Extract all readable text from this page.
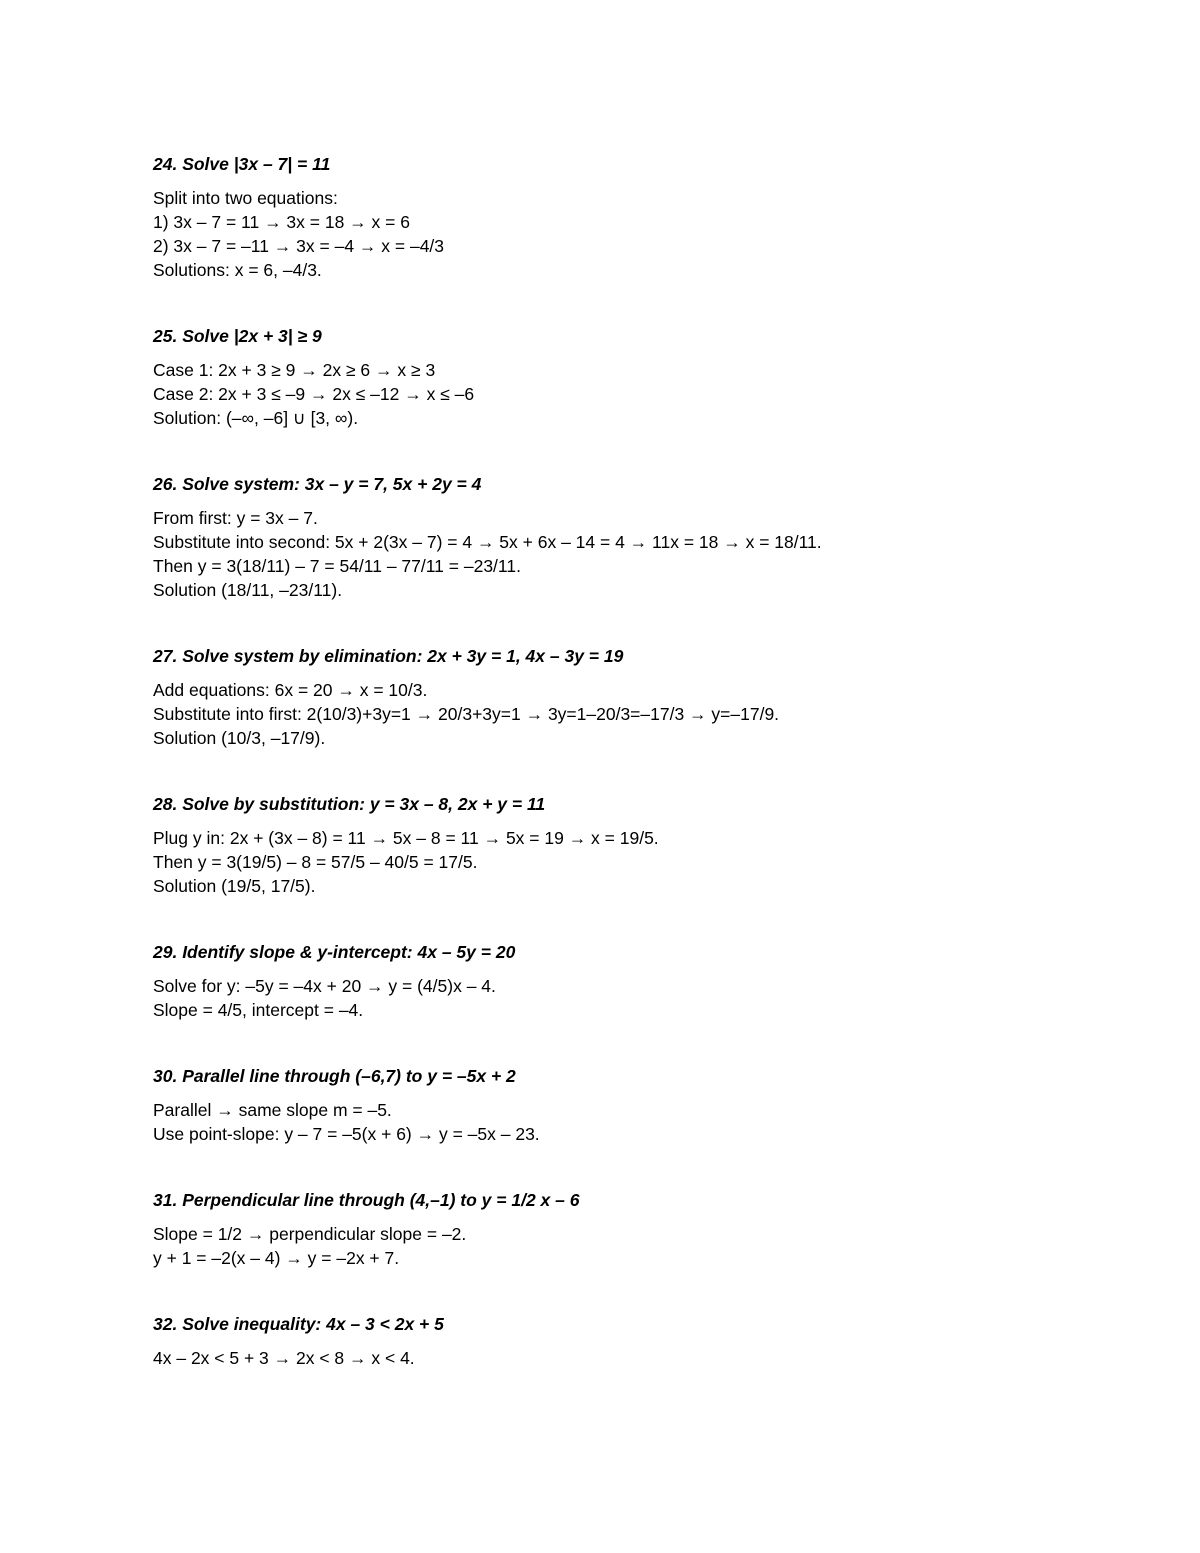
24. Solve |3x – 7| = 11

Split into two equations:

1) 3x – 7 = 11 → 3x = 18 → x = 6

2) 3x – 7 = –11 → 3x = –4 → x = –4/3

Solutions: x = 6, –4/3.

25. Solve |2x + 3| ≥ 9

Case 1: 2x + 3 ≥ 9 → 2x ≥ 6 → x ≥ 3

Case 2: 2x + 3 ≤ –9 → 2x ≤ –12 → x ≤ –6

Solution: (–∞, –6] ∪ [3, ∞).

26. Solve system: 3x – y = 7, 5x + 2y = 4

From first: y = 3x – 7.

Substitute into second: 5x + 2(3x – 7) = 4 → 5x + 6x – 14 = 4 → 11x = 18 → x = 18/11.

Then y = 3(18/11) – 7 = 54/11 – 77/11 = –23/11.

Solution (18/11, –23/11).

27. Solve system by elimination: 2x + 3y = 1, 4x – 3y = 19

Add equations: 6x = 20 → x = 10/3.

Substitute into first: 2(10/3)+3y=1 → 20/3+3y=1 → 3y=1–20/3=–17/3 → y=–17/9.

Solution (10/3, –17/9).

28. Solve by substitution: y = 3x – 8, 2x + y = 11

Plug y in: 2x + (3x – 8) = 11 → 5x – 8 = 11 → 5x = 19 → x = 19/5.

Then y = 3(19/5) – 8 = 57/5 – 40/5 = 17/5.

Solution (19/5, 17/5).

29. Identify slope & y-intercept: 4x – 5y = 20

Solve for y: –5y = –4x + 20 → y = (4/5)x – 4.

Slope = 4/5, intercept = –4.

30. Parallel line through (–6,7) to y = –5x + 2

Parallel → same slope m = –5.

Use point-slope: y – 7 = –5(x + 6) → y = –5x – 23.

31. Perpendicular line through (4,–1) to y = 1/2 x – 6

Slope = 1/2 → perpendicular slope = –2.

y + 1 = –2(x – 4) → y = –2x + 7.

32. Solve inequality: 4x – 3 < 2x + 5

4x – 2x < 5 + 3 → 2x < 8 → x < 4.
